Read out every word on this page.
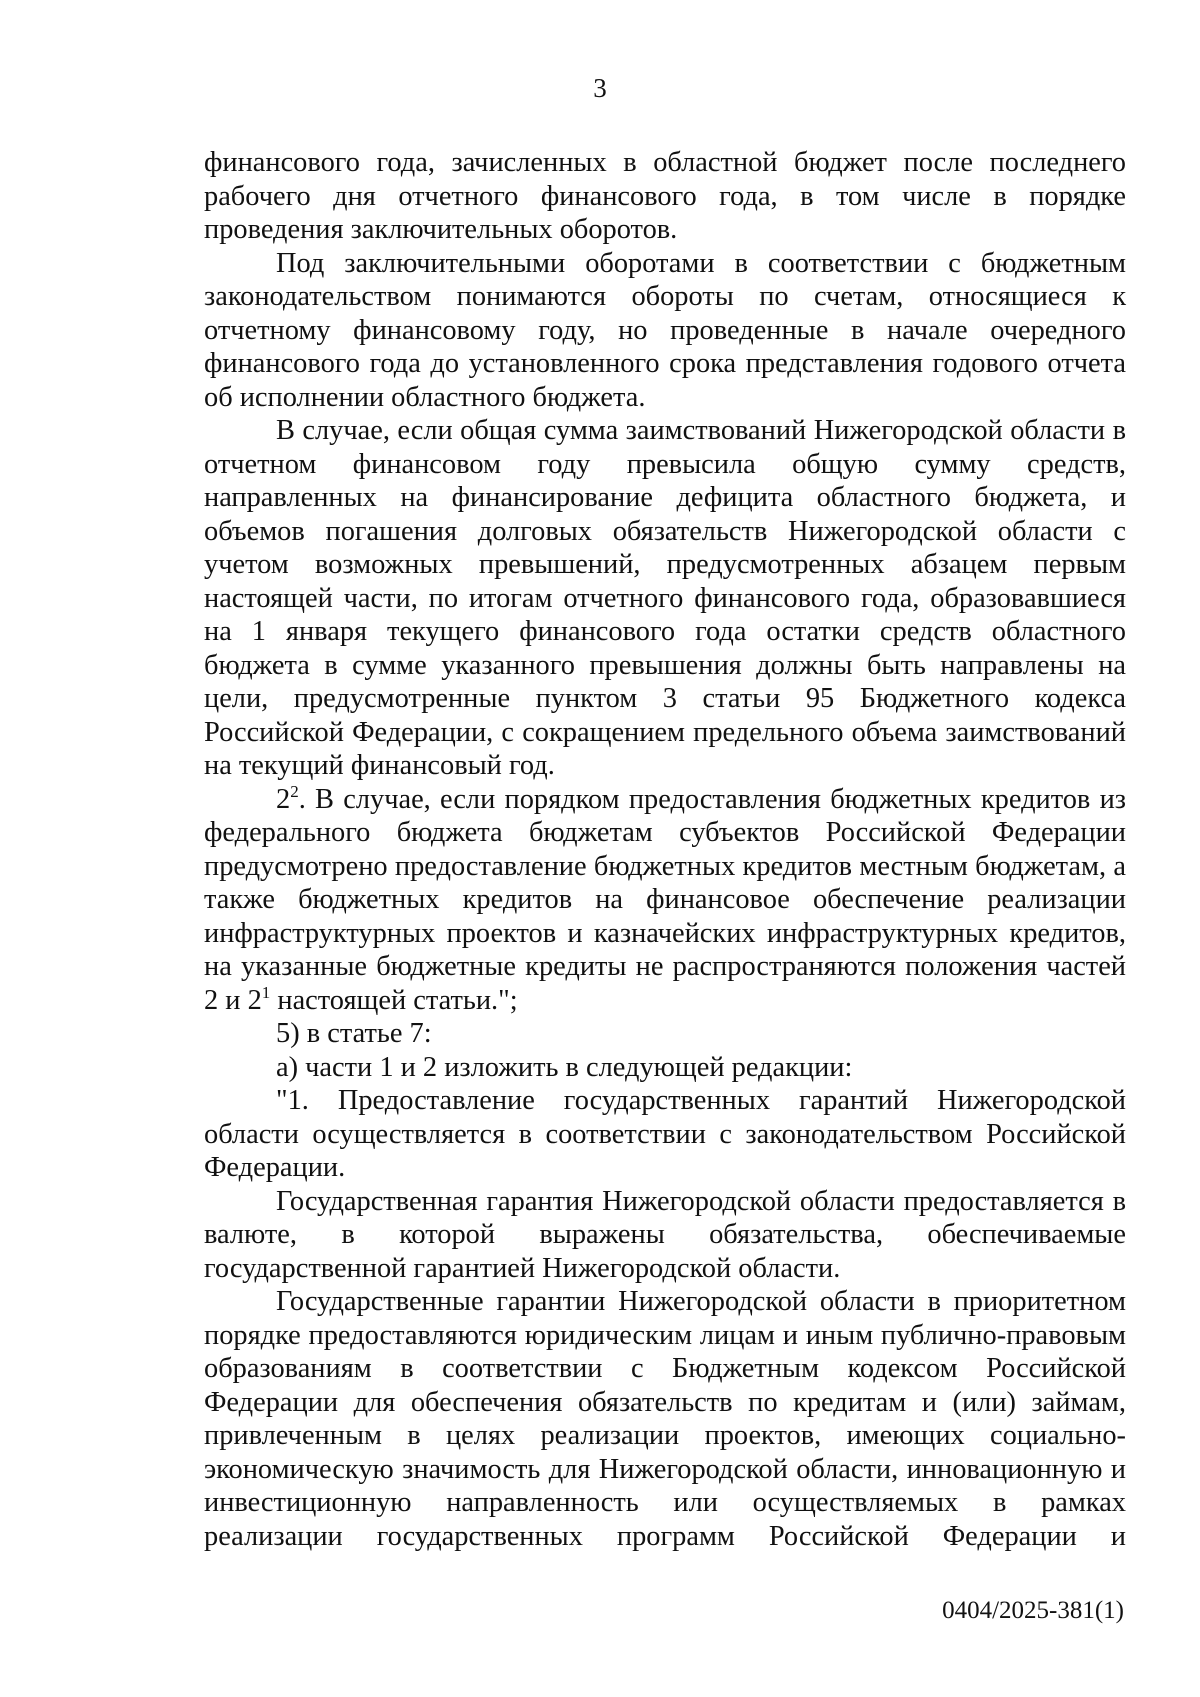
3

финансового года, зачисленных в областной бюджет после последнего рабочего дня отчетного финансового года, в том числе в порядке проведения заключительных оборотов.

Под заключительными оборотами в соответствии с бюджетным законодательством понимаются обороты по счетам, относящиеся к отчетному финансовому году, но проведенные в начале очередного финансового года до установленного срока представления годового отчета об исполнении областного бюджета.

В случае, если общая сумма заимствований Нижегородской области в отчетном финансовом году превысила общую сумму средств, направленных на финансирование дефицита областного бюджета, и объемов погашения долговых обязательств Нижегородской области с учетом возможных превышений, предусмотренных абзацем первым настоящей части, по итогам отчетного финансового года, образовавшиеся на 1 января текущего финансового года остатки средств областного бюджета в сумме указанного превышения должны быть направлены на цели, предусмотренные пунктом 3 статьи 95 Бюджетного кодекса Российской Федерации, с сокращением предельного объема заимствований на текущий финансовый год.

$2^2$. В случае, если порядком предоставления бюджетных кредитов из федерального бюджета бюджетам субъектов Российской Федерации предусмотрено предоставление бюджетных кредитов местным бюджетам, а также бюджетных кредитов на финансовое обеспечение реализации инфраструктурных проектов и казначейских инфраструктурных кредитов, на указанные бюджетные кредиты не распространяются положения частей 2 и $2^1$ настоящей статьи.";

5) в статье 7:

а) части 1 и 2 изложить в следующей редакции:

"1. Предоставление государственных гарантий Нижегородской области осуществляется в соответствии с законодательством Российской Федерации.

Государственная гарантия Нижегородской области предоставляется в валюте, в которой выражены обязательства, обеспечиваемые государственной гарантией Нижегородской области.

Государственные гарантии Нижегородской области в приоритетном порядке предоставляются юридическим лицам и иным публично-правовым образованиям в соответствии с Бюджетным кодексом Российской Федерации для обеспечения обязательств по кредитам и (или) займам, привлеченным в целях реализации проектов, имеющих социально-экономическую значимость для Нижегородской области, инновационную и инвестиционную направленность или осуществляемых в рамках реализации государственных программ Российской Федерации и

0404/2025-381(1)
